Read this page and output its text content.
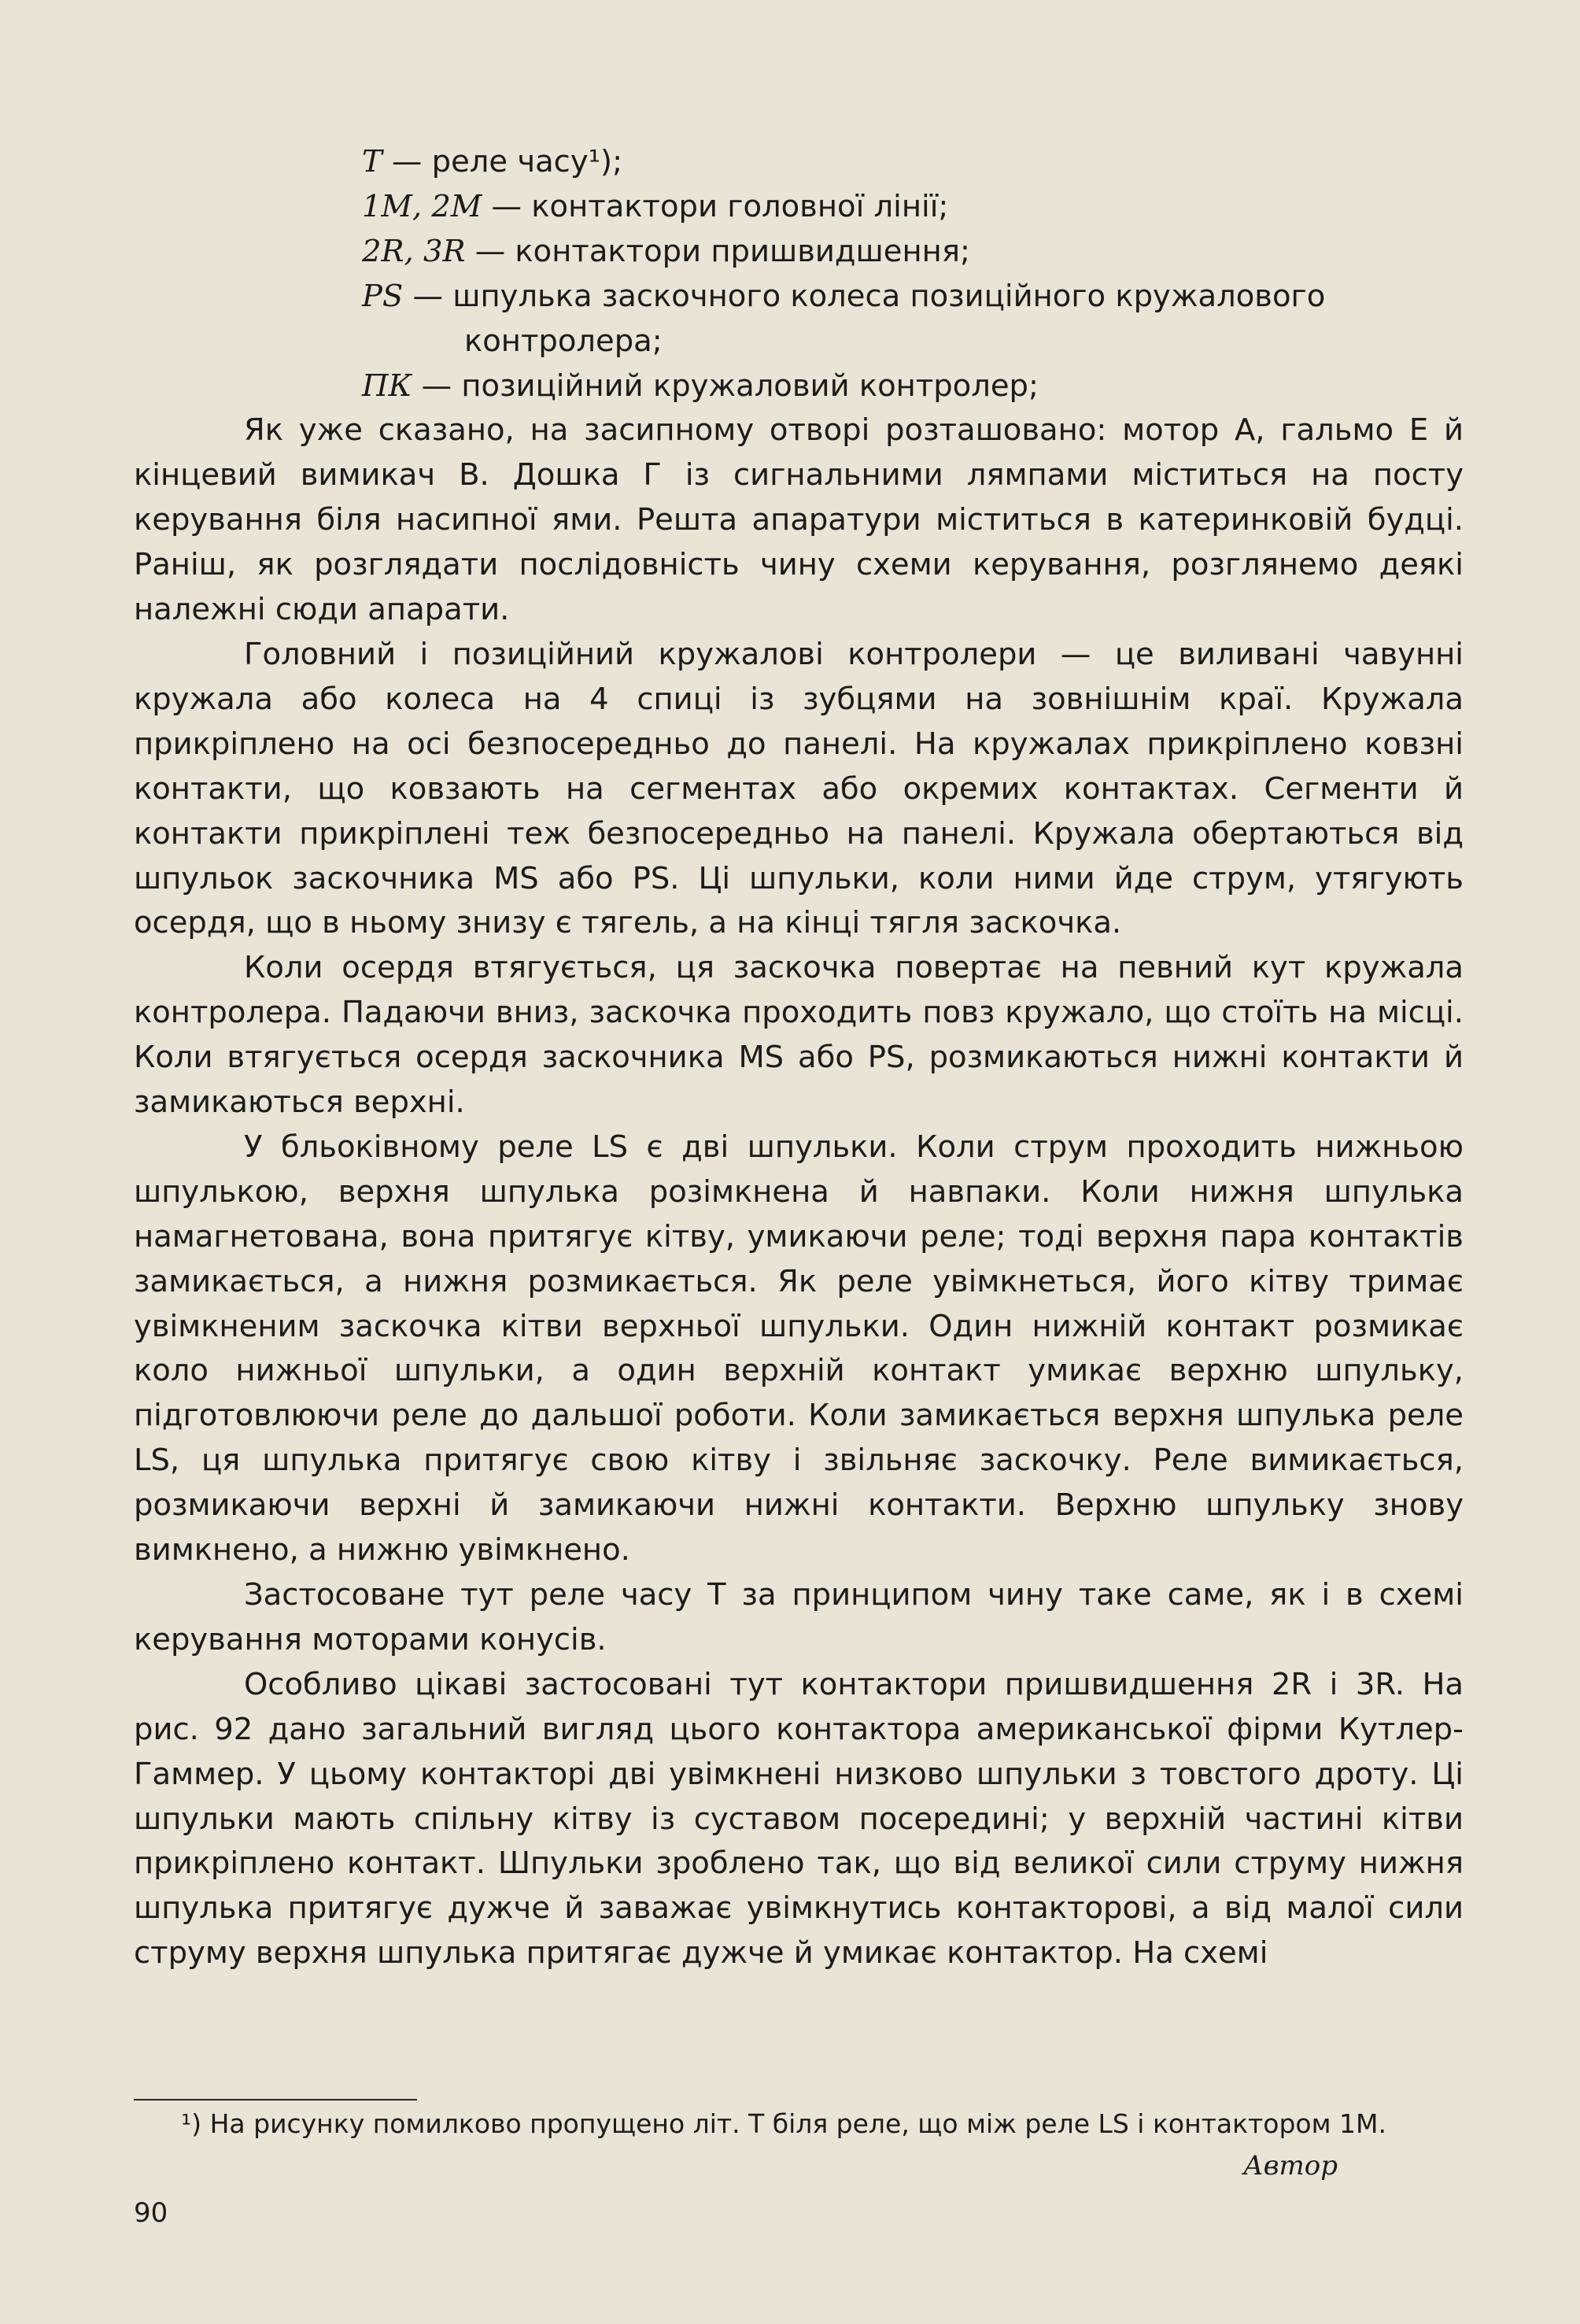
T — реле часу¹);
1M, 2M — контактори головної лінії;
2R, 3R — контактори пришвидшення;
PS — шпулька заскочного колеса позиційного кружалового
контролера;
ПК — позиційний кружаловий контролер;

Як уже сказано, на засипному отворі розташовано: мотор A, гальмо E й кінцевий вимикач B. Дошка Г із сигнальними лямпами міститься на посту керування біля насипної ями. Решта апаратури міститься в катеринковій будці. Раніш, як розглядати послідовність чину схеми керування, розглянемо деякі належні сюди апарати.

Головний і позиційний кружалові контролери — це виливані чавунні кружала або колеса на 4 спиці із зубцями на зовнішнім краї. Кружала прикріплено на осі безпосередньо до панелі. На кружалах прикріплено ковзні контакти, що ковзають на сегментах або окремих контактах. Сегменти й контакти прикріплені теж безпосередньо на панелі. Кружала обертаються від шпульок заскочника MS або PS. Ці шпульки, коли ними йде струм, утягують осердя, що в ньому знизу є тягель, а на кінці тягля заскочка.

Коли осердя втягується, ця заскочка повертає на певний кут кружала контролера. Падаючи вниз, заскочка проходить повз кружало, що стоїть на місці. Коли втягується осердя заскочника MS або PS, розмикаються нижні контакти й замикаються верхні.

У бльоківному реле LS є дві шпульки. Коли струм проходить нижньою шпулькою, верхня шпулька розімкнена й навпаки. Коли нижня шпулька намагнетована, вона притягує кітву, умикаючи реле; тоді верхня пара контактів замикається, а нижня розмикається. Як реле увімкнеться, його кітву тримає увімкненим заскочка кітви верхньої шпульки. Один нижній контакт розмикає коло нижньої шпульки, а один верхній контакт умикає верхню шпульку, підготовлюючи реле до дальшої роботи. Коли замикається верхня шпулька реле LS, ця шпулька притягує свою кітву і звільняє заскочку. Реле вимикається, розмикаючи верхні й замикаючи нижні контакти. Верхню шпульку знову вимкнено, а нижню увімкнено.

Застосоване тут реле часу T за принципом чину таке саме, як і в схемі керування моторами конусів.

Особливо цікаві застосовані тут контактори пришвидшення 2R і 3R. На рис. 92 дано загальний вигляд цього контактора американської фірми Кутлер-Гаммер. У цьому контакторі дві увімкнені низково шпульки з товстого дроту. Ці шпульки мають спільну кітву із суставом посередині; у верхній частині кітви прикріплено контакт. Шпульки зроблено так, що від великої сили струму нижня шпулька притягує дужче й заважає увімкнутись контакторові, а від малої сили струму верхня шпулька притягає дужче й умикає контактор. На схемі

¹) На рисунку помилково пропущено літ. T біля реле, що між реле LS і контактором 1M.
Автор
90
